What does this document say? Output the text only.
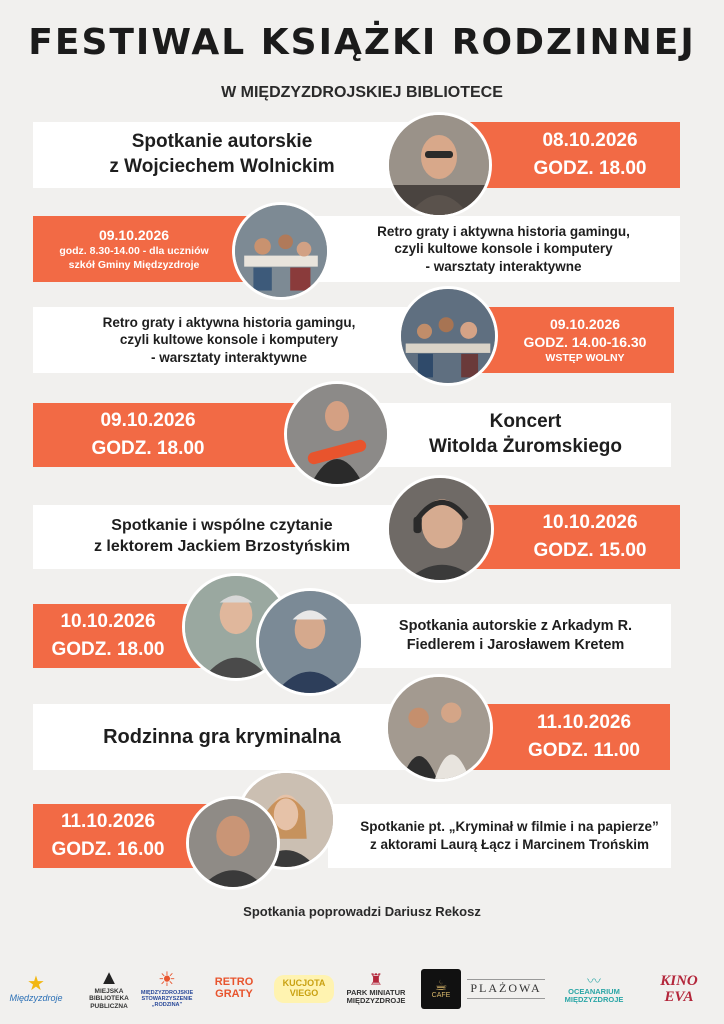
FESTIWAL KSIĄŻKI RODZINNEJ
W MIĘDZYZDROJSKIEJ BIBLIOTECE
Spotkanie autorskie
z Wojciechem Wolnickim
08.10.2026
GODZ. 18.00
09.10.2026
godz. 8.30-14.00 - dla uczniów
szkół Gminy Międzyzdroje
Retro graty i aktywna historia gamingu,
czyli kultowe konsole i komputery
- warsztaty interaktywne
Retro graty i aktywna historia gamingu,
czyli kultowe konsole i komputery
- warsztaty interaktywne
09.10.2026
GODZ. 14.00-16.30
WSTĘP WOLNY
09.10.2026
GODZ. 18.00
Koncert
Witolda Żuromskiego
Spotkanie i wspólne czytanie
z lektorem Jackiem Brzostyńskim
10.10.2026
GODZ. 15.00
10.10.2026
GODZ. 18.00
Spotkania autorskie z Arkadym R.
Fiedlerem i Jarosławem Kretem
Rodzinna gra kryminalna
11.10.2026
GODZ. 11.00
11.10.2026
GODZ. 16.00
Spotkanie pt. „Kryminał w filmie i na papierze”
z aktorami Laurą Łącz i Marcinem Trońskim
Spotkania poprowadzi Dariusz Rekosz
★
Międzyzdroje
▲
MIEJSKA BIBLIOTEKA PUBLICZNA
☀
MIĘDZYZDROJSKIE STOWARZYSZENIE „RODZINA”
RETRO GRATY
KUCJOTA VIEGO
♜
PARK MINIATUR MIĘDZYZDROJE
☕
CAFE
PLAŻOWA	〰
OCEANARIUM MIĘDZYZDROJE
KINO EVA
